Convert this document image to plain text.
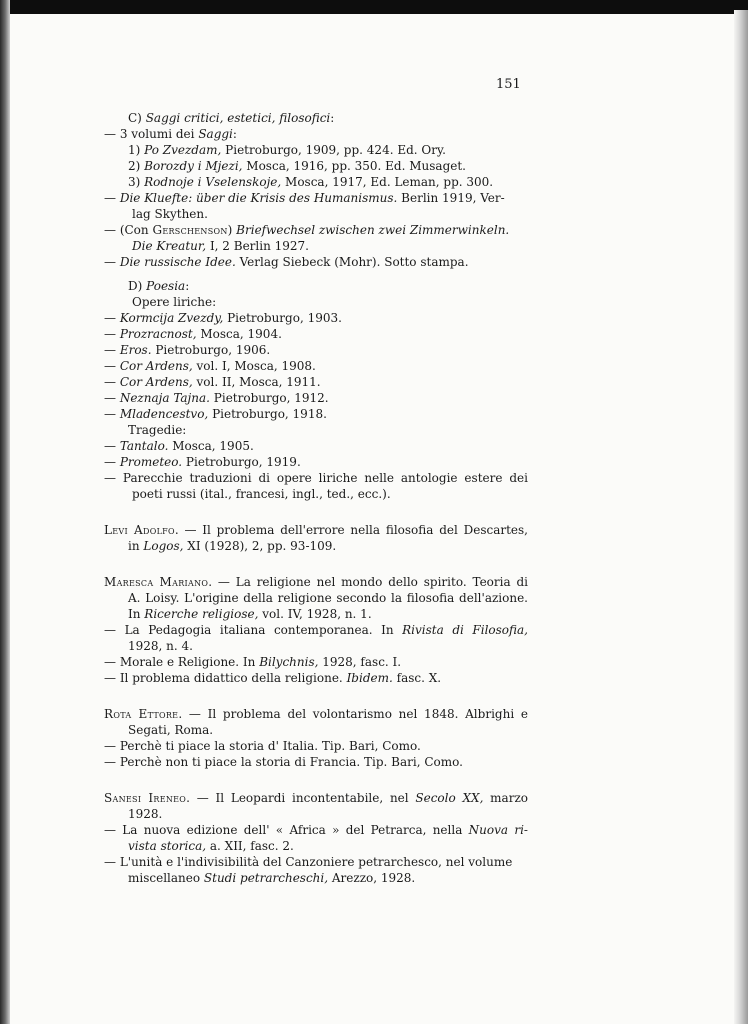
151
C) Saggi critici, estetici, filosofici:
— 3 volumi dei Saggi:
1) Po Zvezdam, Pietroburgo, 1909, pp. 424. Ed. Ory.
2) Borozdy i Mjezi, Mosca, 1916, pp. 350. Ed. Musaget.
3) Rodnoje i Vselenskoje, Mosca, 1917, Ed. Leman, pp. 300.
— Die Kluefte: über die Krisis des Humanismus. Berlin 1919, Ver-
lag Skythen.
— (Con Gerschenson) Briefwechsel zwischen zwei Zimmerwinkeln.
Die Kreatur, I, 2 Berlin 1927.
— Die russische Idee. Verlag Siebeck (Mohr). Sotto stampa.
D) Poesia:
Opere liriche:
— Kormcija Zvezdy, Pietroburgo, 1903.
— Prozracnost, Mosca, 1904.
— Eros. Pietroburgo, 1906.
— Cor Ardens, vol. I, Mosca, 1908.
— Cor Ardens, vol. II, Mosca, 1911.
— Neznaja Tajna. Pietroburgo, 1912.
— Mladencestvo, Pietroburgo, 1918.
Tragedie:
— Tantalo. Mosca, 1905.
— Prometeo. Pietroburgo, 1919.
— Parecchie traduzioni di opere liriche nelle antologie estere dei
poeti russi (ital., francesi, ingl., ted., ecc.).
Levi Adolfo. — Il problema dell'errore nella filosofia del Descartes,
in Logos, XI (1928), 2, pp. 93-109.
Maresca Mariano. — La religione nel mondo dello spirito. Teoria di
A. Loisy. L'origine della religione secondo la filosofia dell'azione.
In Ricerche religiose, vol. IV, 1928, n. 1.
— La Pedagogia italiana contemporanea. In Rivista di Filosofia,
1928, n. 4.
— Morale e Religione. In Bilychnis, 1928, fasc. I.
— Il problema didattico della religione. Ibidem. fasc. X.
Rota Ettore. — Il problema del volontarismo nel 1848. Albrighi e
Segati, Roma.
— Perchè ti piace la storia d' Italia. Tip. Bari, Como.
— Perchè non ti piace la storia di Francia. Tip. Bari, Como.
Sanesi Ireneo. — Il Leopardi incontentabile, nel Secolo XX, marzo
1928.
— La nuova edizione dell' « Africa » del Petrarca, nella Nuova ri-
vista storica, a. XII, fasc. 2.
— L'unità e l'indivisibilità del Canzoniere petrarchesco, nel volume
miscellaneo Studi petrarcheschi, Arezzo, 1928.
